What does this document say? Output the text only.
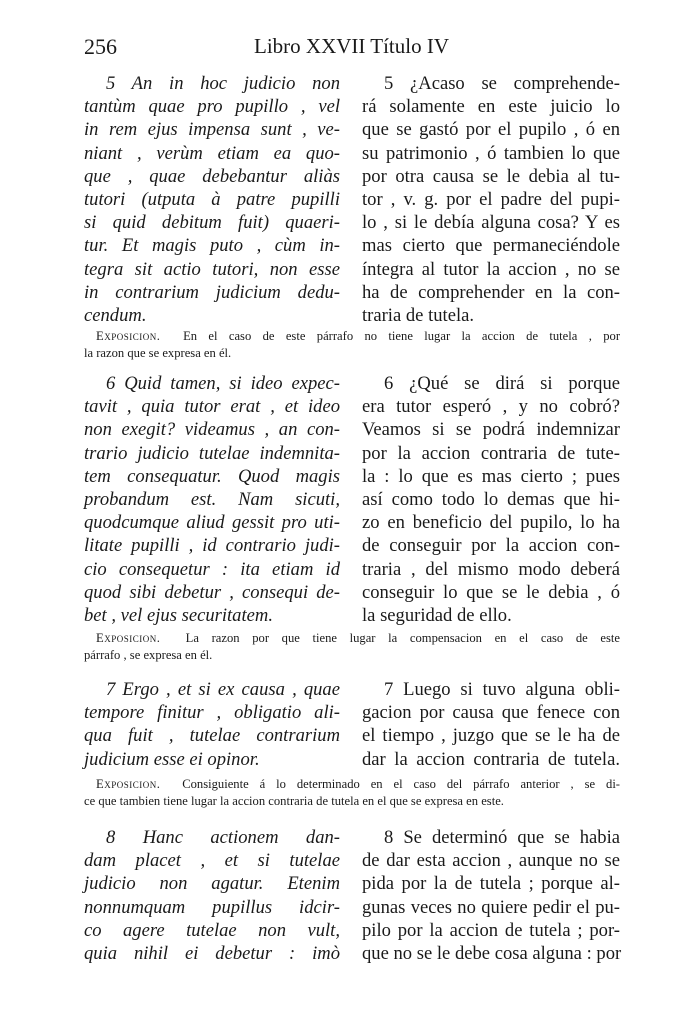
256	Libro XXVII Título IV
5 An in hoc judicio non
tantùm quae pro pupillo , vel
in rem ejus impensa sunt , ve-
niant , verùm etiam ea quo-
que , quae debebantur aliàs
tutori (utputa à patre pupilli
si quid debitum fuit) quaeri-
tur. Et magis puto , cùm in-
tegra sit actio tutori, non esse
in contrarium judicium dedu-
cendum.
5 ¿Acaso se comprehende-
rá solamente en este juicio lo
que se gastó por el pupilo , ó en
su patrimonio , ó tambien lo que
por otra causa se le debia al tu-
tor , v. g. por el padre del pupi-
lo , si le debía alguna cosa? Y es
mas cierto que permaneciéndole
íntegra al tutor la accion , no se
ha de comprehender en la con-
traria de tutela.
Exposicion. En el caso de este párrafo no tiene lugar la accion de tutela , por
la razon que se expresa en él.
6 Quid tamen, si ideo expec-
tavit , quia tutor erat , et ideo
non exegit? videamus , an con-
trario judicio tutelae indemnita-
tem consequatur. Quod magis
probandum est. Nam sicuti,
quodcumque aliud gessit pro uti-
litate pupilli , id contrario judi-
cio consequetur : ita etiam id
quod sibi debetur , consequi de-
bet , vel ejus securitatem.
6 ¿Qué se dirá si porque
era tutor esperó , y no cobró?
Veamos si se podrá indemnizar
por la accion contraria de tute-
la : lo que es mas cierto ; pues
así como todo lo demas que hi-
zo en beneficio del pupilo, lo ha
de conseguir por la accion con-
traria , del mismo modo deberá
conseguir lo que se le debia , ó
la seguridad de ello.
Exposicion. La razon por que tiene lugar la compensacion en el caso de este
párrafo , se expresa en él.
7 Ergo , et si ex causa , quae
tempore finitur , obligatio ali-
qua fuit , tutelae contrarium
judicium esse ei opinor.
7 Luego si tuvo alguna obli-
gacion por causa que fenece con
el tiempo , juzgo que se le ha de
dar la accion contraria de tutela.
Exposicion. Consiguiente á lo determinado en el caso del párrafo anterior , se di-
ce que tambien tiene lugar la accion contraria de tutela en el que se expresa en este.
8 Hanc actionem dan-
dam placet , et si tutelae
judicio non agatur. Etenim
nonnumquam pupillus idcir-
co agere tutelae non vult,
quia nihil ei debetur : imò
8 Se determinó que se habia
de dar esta accion , aunque no se
pida por la de tutela ; porque al-
gunas veces no quiere pedir el pu-
pilo por la accion de tutela ; por-
que no se le debe cosa alguna : por
